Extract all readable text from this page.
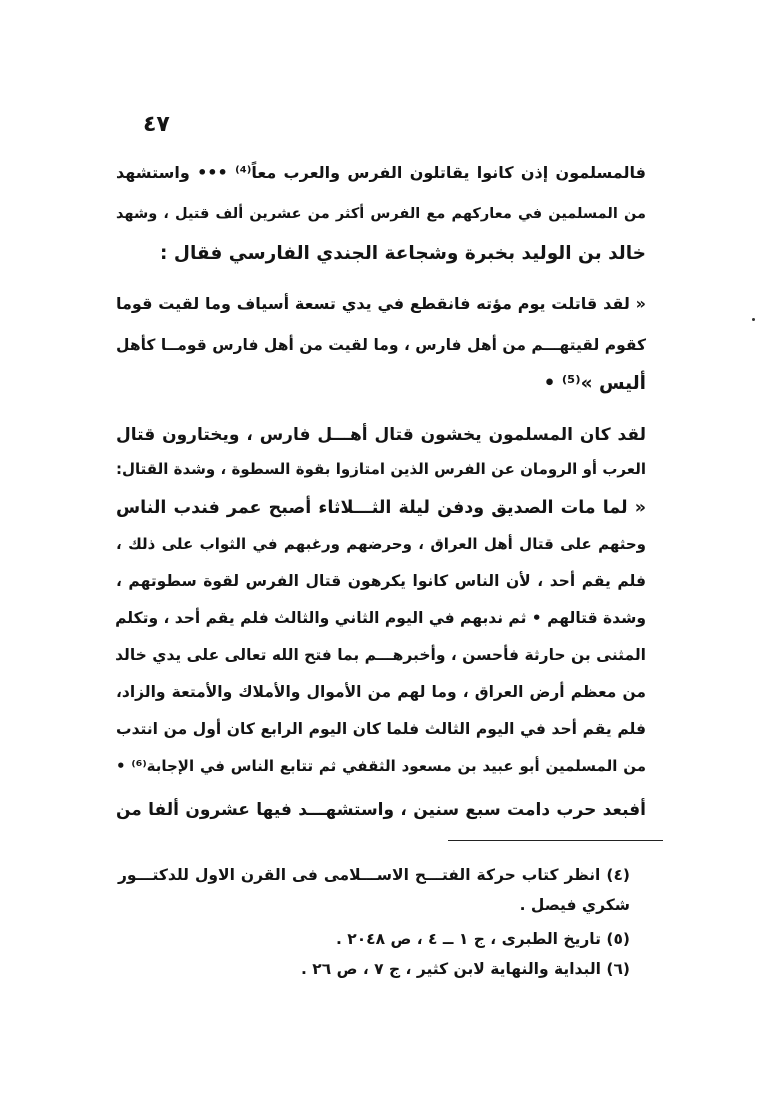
٤٧
فالمسلمون إذن كانوا يقاتلون الفرس والعرب معاً⁽⁴⁾ ••• واستشهد
من المسلمين في معاركهم مع الفرس أكثر من عشرين ألف قتيل ، وشهد
خالد بن الوليد بخبرة وشجاعة الجندي الفارسي فقال :
« لقد قاتلت يوم مؤته فانقطع في يدي تسعة أسياف وما لقيت قوما
كقوم لقيتهـــم من أهل فارس ، وما لقيت من أهل فارس قومــا كأهل
أليس »⁽⁵⁾ •
لقد كان المسلمون يخشون قتال أهـــل فارس ، ويختارون قتال
العرب أو الرومان عن الفرس الذين امتازوا بقوة السطوة ، وشدة القتال:
« لما مات الصديق ودفن ليلة الثـــلاثاء أصبح عمر فندب الناس
وحثهم على قتال أهل العراق ، وحرضهم ورغبهم في الثواب على ذلك ،
فلم يقم أحد ، لأن الناس كانوا يكرهون قتال الفرس لقوة سطوتهم ،
وشدة قتالهم • ثم ندبهم في اليوم الثاني والثالث فلم يقم أحد ، وتكلم
المثنى بن حارثة فأحسن ، وأخبرهـــم بما فتح الله تعالى على يدي خالد
من معظم أرض العراق ، وما لهم من الأموال والأملاك والأمتعة والزاد،
فلم يقم أحد في اليوم الثالث فلما كان اليوم الرابع كان أول من انتدب
من المسلمين أبو عبيد بن مسعود الثقفي ثم تتابع الناس في الإجابة⁽⁶⁾ •
أفبعد حرب دامت سبع سنين ، واستشهـــد فيها عشرون ألفا من
(٤) انظر كتاب حركة الفتـــح الاســـلامى فى القرن الاول للدكتـــور
شكري فيصل .
(٥) تاريخ الطبرى ، ج ١ ــ ٤ ، ص ٢٠٤٨ .
(٦) البداية والنهاية لابن كثير ، ج ٧ ، ص ٢٦ .
